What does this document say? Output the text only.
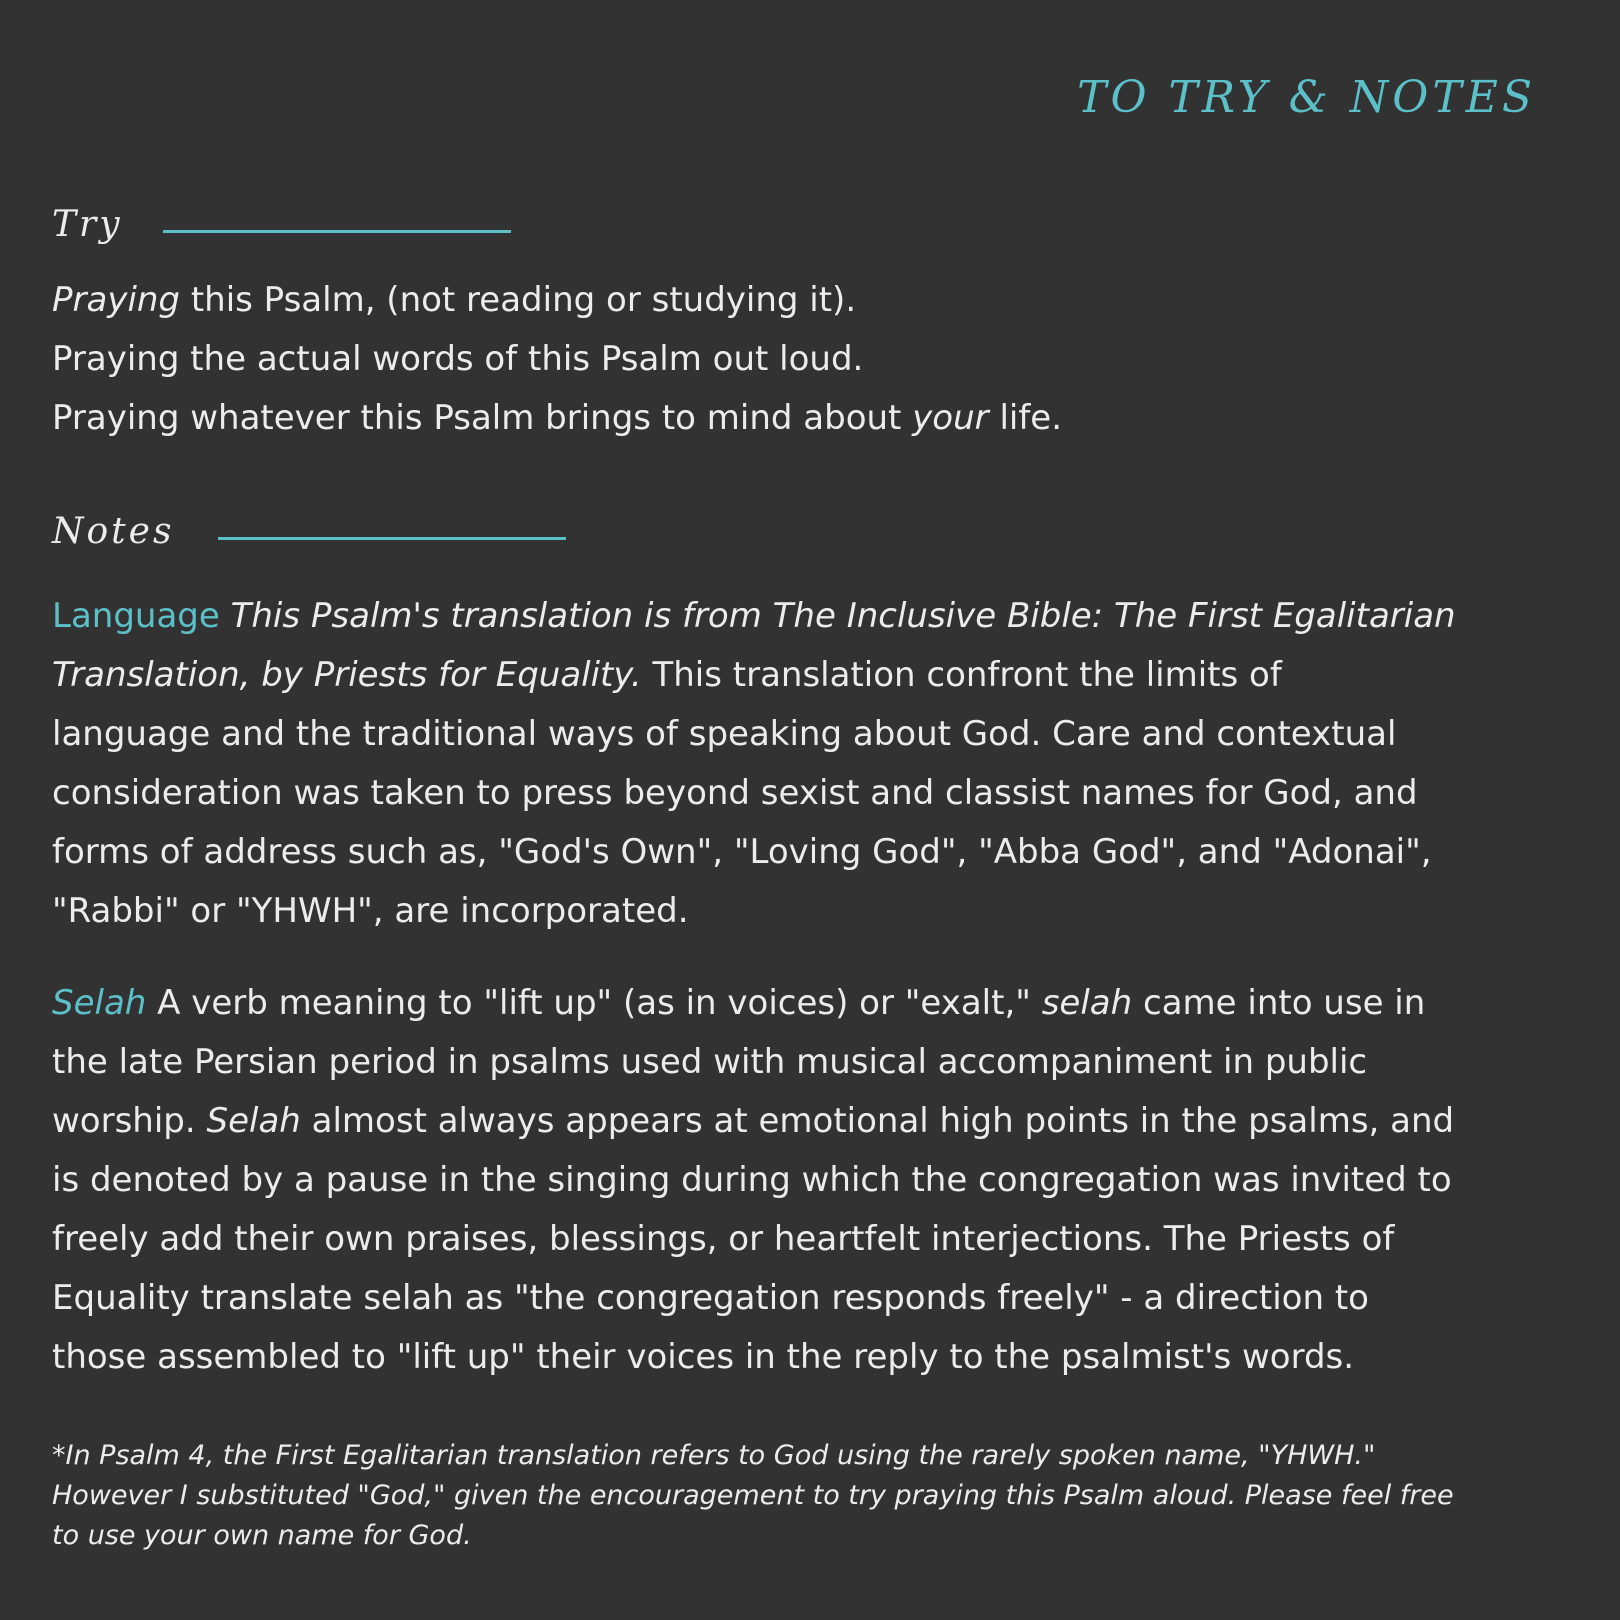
TO TRY & NOTES
Try

Praying this Psalm, (not reading or studying it).
Praying the actual words of this Psalm out loud.
Praying whatever this Psalm brings to mind about your life.

Notes

Language This Psalm's translation is from The Inclusive Bible: The First Egalitarian
Translation, by Priests for Equality. This translation confront the limits of
language and the traditional ways of speaking about God. Care and contextual
consideration was taken to press beyond sexist and classist names for God, and
forms of address such as, "God's Own", "Loving God", "Abba God", and "Adonai",
"Rabbi" or "YHWH", are incorporated.

Selah A verb meaning to "lift up" (as in voices) or "exalt," selah came into use in
the late Persian period in psalms used with musical accompaniment in public
worship. Selah almost always appears at emotional high points in the psalms, and
is denoted by a pause in the singing during which the congregation was invited to
freely add their own praises, blessings, or heartfelt interjections. The Priests of
Equality translate selah as "the congregation responds freely" - a direction to
those assembled to "lift up" their voices in the reply to the psalmist's words.

*In Psalm 4, the First Egalitarian translation refers to God using the rarely spoken name, "YHWH."
However I substituted "God," given the encouragement to try praying this Psalm aloud. Please feel free
to use your own name for God.
